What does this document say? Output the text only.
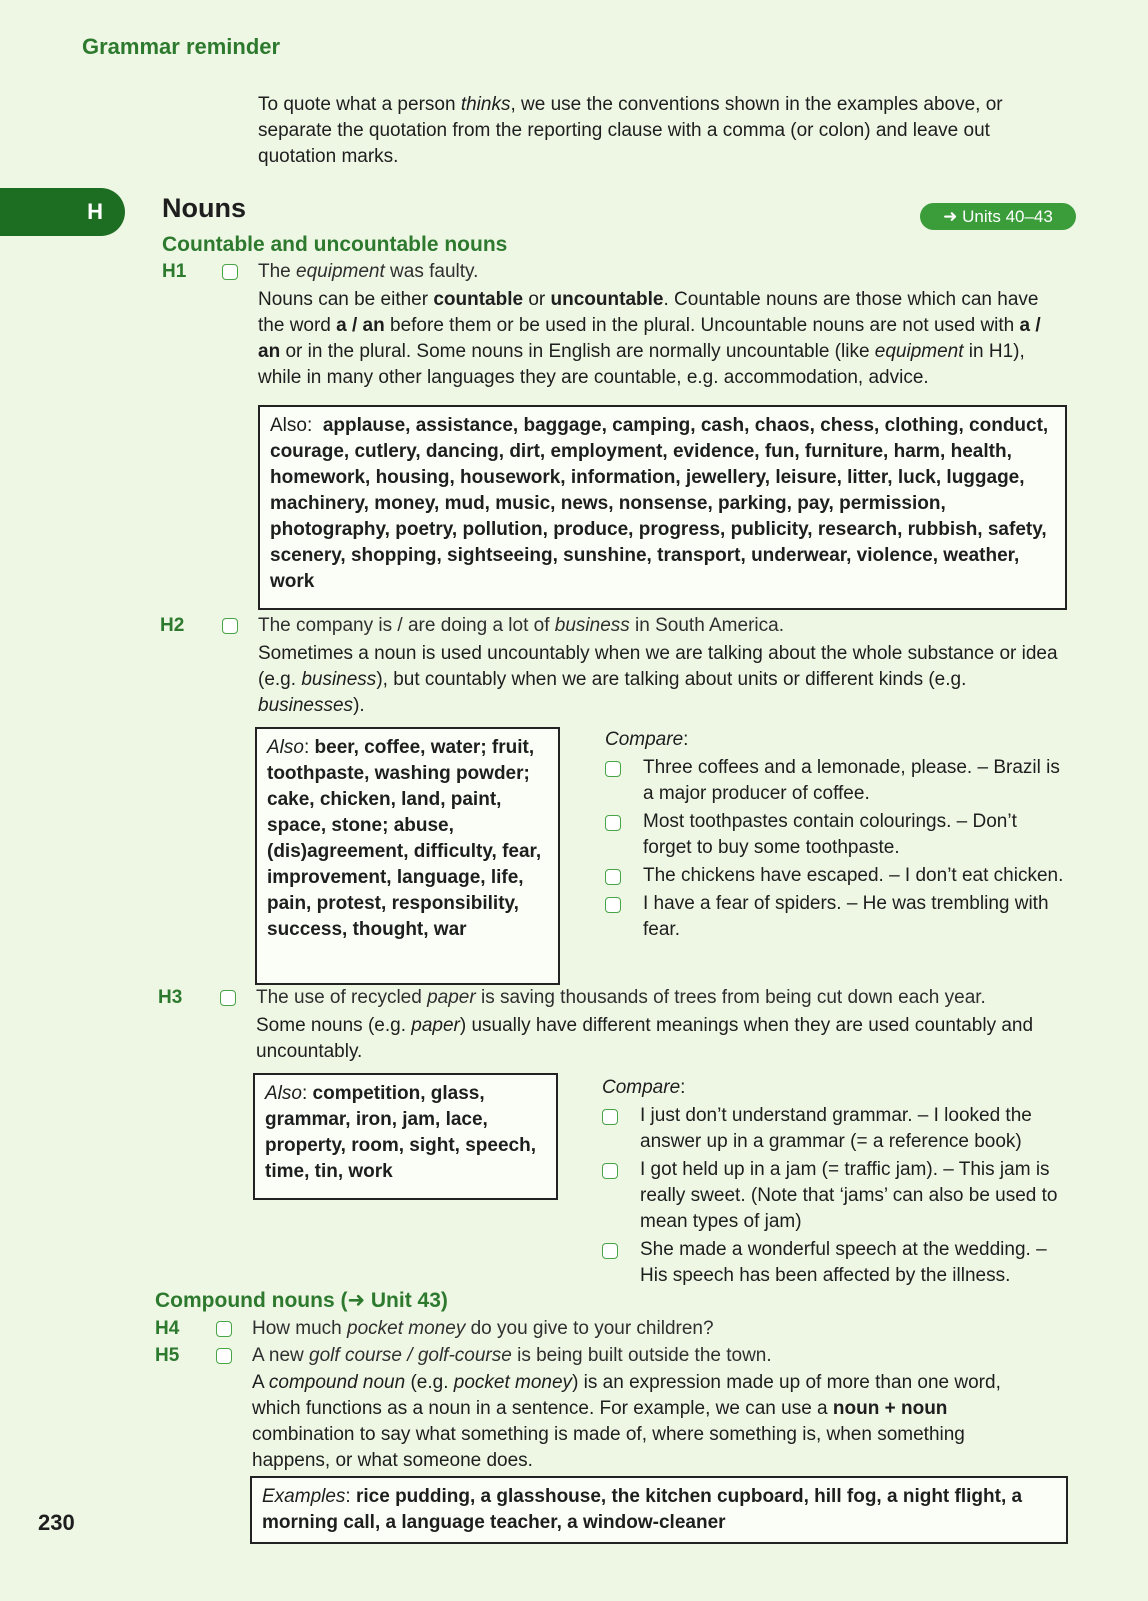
Grammar reminder
To quote what a person thinks, we use the conventions shown in the examples above, or separate the quotation from the reporting clause with a comma (or colon) and leave out quotation marks.
H Nouns	➜ Units 40–43
Countable and uncountable nouns
H1	The equipment was faulty.
Nouns can be either countable or uncountable. Countable nouns are those which can have the word a / an before them or be used in the plural. Uncountable nouns are not used with a / an or in the plural. Some nouns in English are normally uncountable (like equipment in H1), while in many other languages they are countable, e.g. accommodation, advice.
Also: applause, assistance, baggage, camping, cash, chaos, chess, clothing, conduct, courage, cutlery, dancing, dirt, employment, evidence, fun, furniture, harm, health, homework, housing, housework, information, jewellery, leisure, litter, luck, luggage, machinery, money, mud, music, news, nonsense, parking, pay, permission, photography, poetry, pollution, produce, progress, publicity, research, rubbish, safety, scenery, shopping, sightseeing, sunshine, transport, underwear, violence, weather, work
H2	The company is / are doing a lot of business in South America.
Sometimes a noun is used uncountably when we are talking about the whole substance or idea (e.g. business), but countably when we are talking about units or different kinds (e.g. businesses).
Also: beer, coffee, water; fruit, toothpaste, washing powder; cake, chicken, land, paint, space, stone; abuse, (dis)agreement, difficulty, fear, improvement, language, life, pain, protest, responsibility, success, thought, war
Compare:
Three coffees and a lemonade, please. – Brazil is a major producer of coffee.
Most toothpastes contain colourings. – Don’t forget to buy some toothpaste.
The chickens have escaped. – I don’t eat chicken.
I have a fear of spiders. – He was trembling with fear.
H3	The use of recycled paper is saving thousands of trees from being cut down each year.
Some nouns (e.g. paper) usually have different meanings when they are used countably and uncountably.
Also: competition, glass, grammar, iron, jam, lace, property, room, sight, speech, time, tin, work
Compare:
I just don’t understand grammar. – I looked the answer up in a grammar (= a reference book)
I got held up in a jam (= traffic jam). – This jam is really sweet. (Note that ‘jams’ can also be used to mean types of jam)
She made a wonderful speech at the wedding. – His speech has been affected by the illness.
Compound nouns (➜ Unit 43)
H4	How much pocket money do you give to your children?
H5	A new golf course / golf-course is being built outside the town.
A compound noun (e.g. pocket money) is an expression made up of more than one word, which functions as a noun in a sentence. For example, we can use a noun + noun combination to say what something is made of, where something is, when something happens, or what someone does.
Examples: rice pudding, a glasshouse, the kitchen cupboard, hill fog, a night flight, a morning call, a language teacher, a window-cleaner
230
